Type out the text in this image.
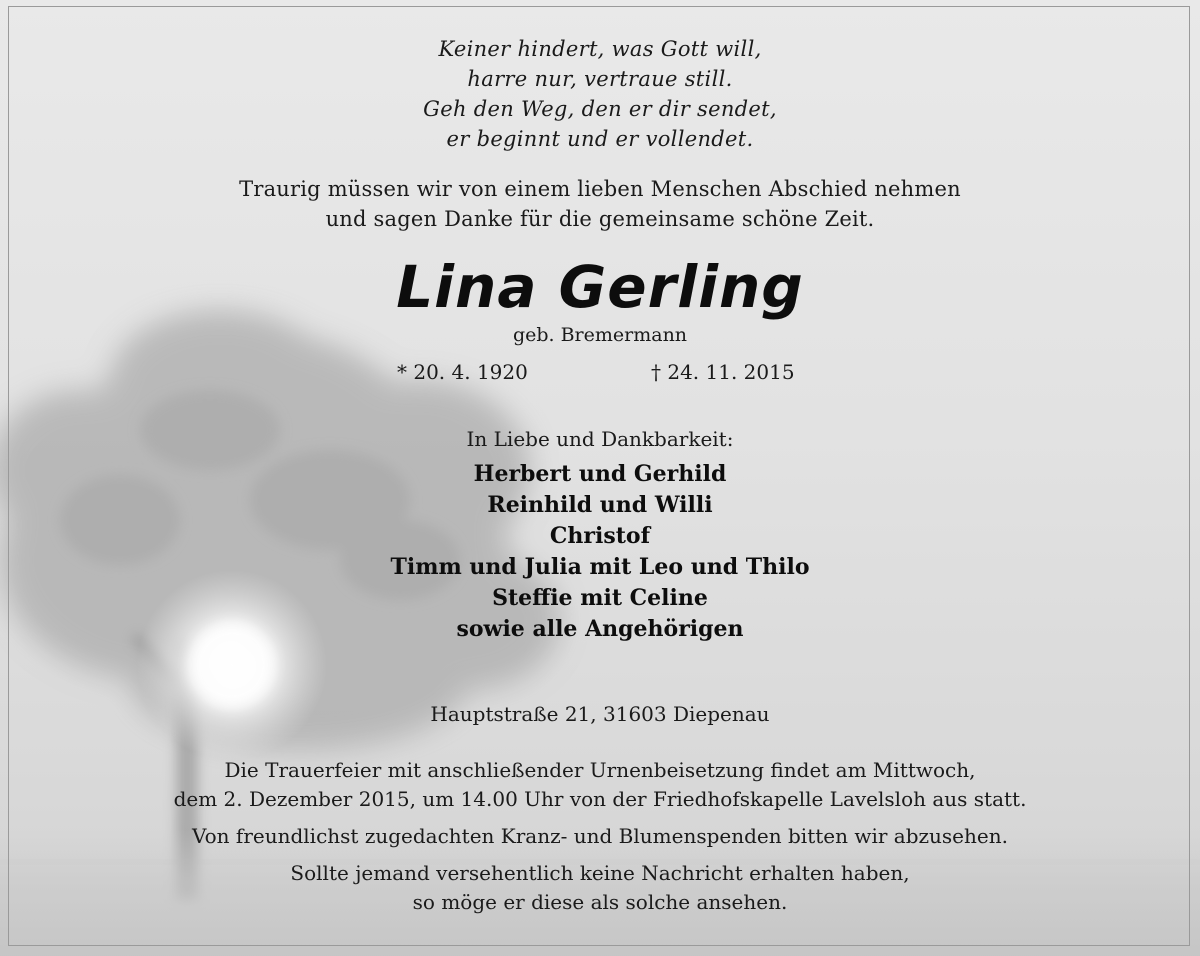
Keiner hindert, was Gott will,
harre nur, vertraue still.
Geh den Weg, den er dir sendet,
er beginnt und er vollendet.
Traurig müssen wir von einem lieben Menschen Abschied nehmen
und sagen Danke für die gemeinsame schöne Zeit.
Lina Gerling
geb. Bremermann
* 20. 4. 1920	† 24. 11. 2015
In Liebe und Dankbarkeit:
Herbert und Gerhild
Reinhild und Willi
Christof
Timm und Julia mit Leo und Thilo
Steffie mit Celine
sowie alle Angehörigen
Hauptstraße 21, 31603 Diepenau

Die Trauerfeier mit anschließender Urnenbeisetzung findet am Mittwoch,
dem 2. Dezember 2015, um 14.00 Uhr von der Friedhofskapelle Lavelsloh aus statt.

Von freundlichst zugedachten Kranz- und Blumenspenden bitten wir abzusehen.

Sollte jemand versehentlich keine Nachricht erhalten haben,
so möge er diese als solche ansehen.
